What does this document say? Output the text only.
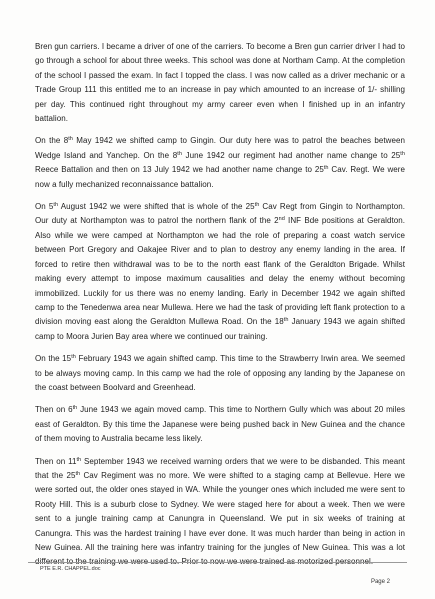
Bren gun carriers. I became a driver of one of the carriers. To become a Bren gun carrier driver I had to go through a school for about three weeks. This school was done at Northam Camp. At the completion of the school I passed the exam. In fact I topped the class. I was now called as a driver mechanic or a Trade Group 111 this entitled me to an increase in pay which amounted to an increase of 1/- shilling per day. This continued right throughout my army career even when I finished up in an infantry battalion.

On the 8th May 1942 we shifted camp to Gingin. Our duty here was to patrol the beaches between Wedge Island and Yanchep. On the 8th June 1942 our regiment had another name change to 25th Reece Battalion and then on 13 July 1942 we had another name change to 25th Cav. Regt. We were now a fully mechanized reconnaissance battalion.

On 5th August 1942 we were shifted that is whole of the 25th Cav Regt from Gingin to Northampton. Our duty at Northampton was to patrol the northern flank of the 2nd INF Bde positions at Geraldton. Also while we were camped at Northampton we had the role of preparing a coast watch service between Port Gregory and Oakajee River and to plan to destroy any enemy landing in the area. If forced to retire then withdrawal was to be to the north east flank of the Geraldton Brigade. Whilst making every attempt to impose maximum causalities and delay the enemy without becoming immobilized. Luckily for us there was no enemy landing. Early in December 1942 we again shifted camp to the Tenedenwa area near Mullewa. Here we had the task of providing left flank protection to a division moving east along the Geraldton Mullewa Road. On the 18th January 1943 we again shifted camp to Moora Jurien Bay area where we continued our training.

On the 15th February 1943 we again shifted camp. This time to the Strawberry Irwin area. We seemed to be always moving camp. In this camp we had the role of opposing any landing by the Japanese on the coast between Boolvard and Greenhead.

Then on 6th June 1943 we again moved camp. This time to Northern Gully which was about 20 miles east of Geraldton. By this time the Japanese were being pushed back in New Guinea and the chance of them moving to Australia became less likely.

Then on 11th September 1943 we received warning orders that we were to be disbanded. This meant that the 25th Cav Regiment was no more. We were shifted to a staging camp at Bellevue. Here we were sorted out, the older ones stayed in WA. While the younger ones which included me were sent to Rooty Hill. This is a suburb close to Sydney. We were staged here for about a week. Then we were sent to a jungle training camp at Canungra in Queensland. We put in six weeks of training at Canungra. This was the hardest training I have ever done. It was much harder than being in action in New Guinea. All the training here was infantry training for the jungles of New Guinea. This was a lot different to the training we were used to. Prior to now we were trained as motorized personnel.

PTE E.R. CHAPPEL.doc
Page 2
